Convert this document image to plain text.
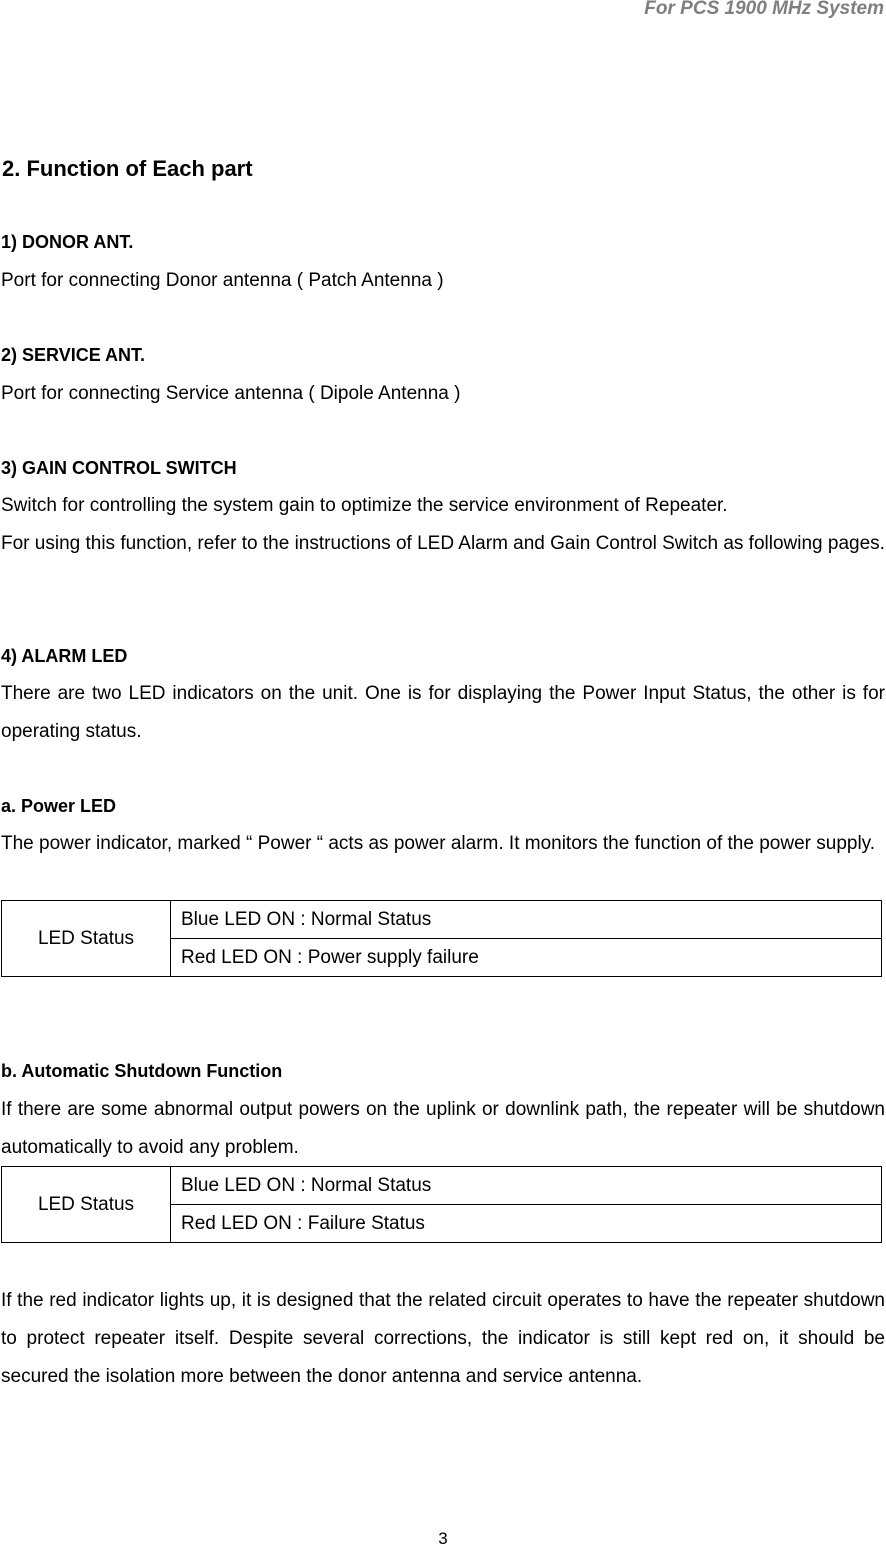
For PCS 1900 MHz System
2. Function of Each part
1) DONOR ANT.
Port for connecting Donor antenna ( Patch Antenna )
2) SERVICE ANT.
Port for connecting Service antenna ( Dipole Antenna )
3) GAIN CONTROL SWITCH
Switch for controlling the system gain to optimize the service environment of Repeater.
For using this function, refer to the instructions of LED Alarm and Gain Control Switch as following pages.
4) ALARM LED
There are two LED indicators on the unit. One is for displaying the Power Input Status, the other is for operating status.
a. Power LED
The power indicator, marked “ Power “ acts as power alarm. It monitors the function of the power supply.
LED Status	Blue LED ON : Normal Status
Red LED ON : Power supply failure
b. Automatic Shutdown Function
If there are some abnormal output powers on the uplink or downlink path, the repeater will be shutdown automatically to avoid any problem.
LED Status	Blue LED ON : Normal Status
Red LED ON : Failure Status
If the red indicator lights up, it is designed that the related circuit operates to have the repeater shutdown to protect repeater itself. Despite several corrections, the indicator is still kept red on, it should be secured the isolation more between the donor antenna and service antenna.
3
